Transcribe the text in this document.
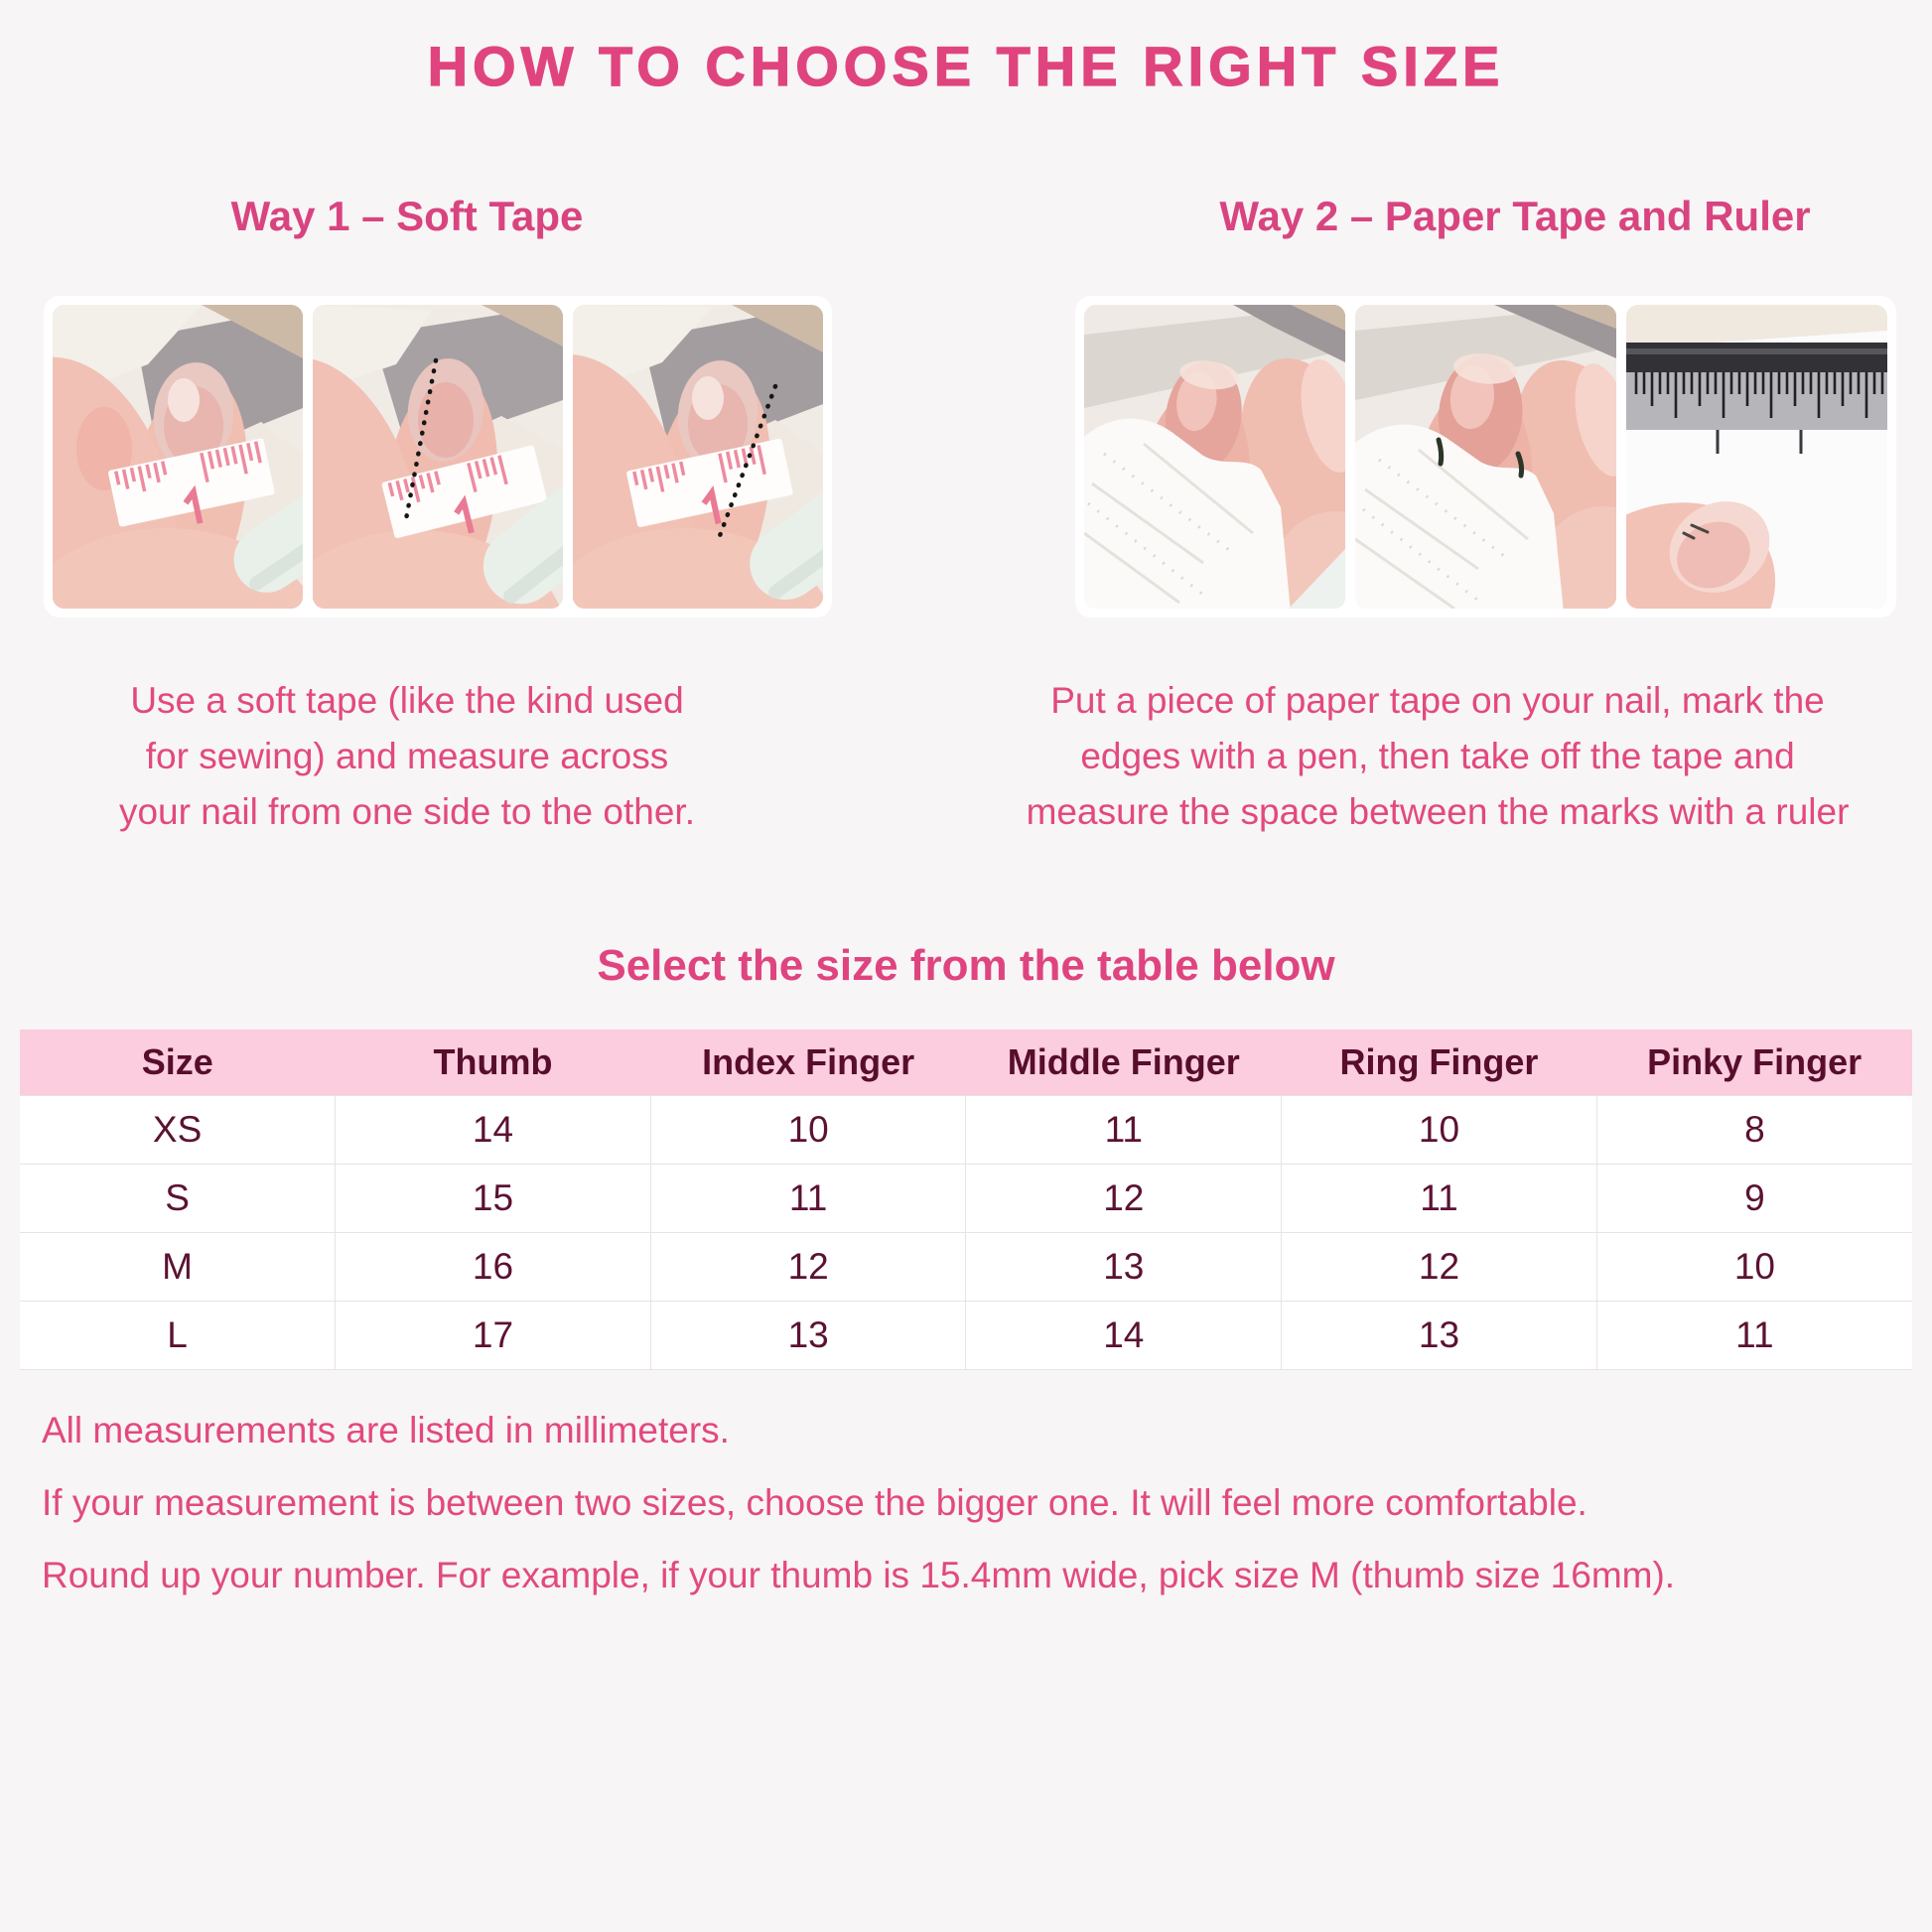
HOW TO CHOOSE THE RIGHT SIZE
Way 1 – Soft Tape	Way 2 – Paper Tape and Ruler
Use a soft tape (like the kind used
for sewing) and measure across
your nail from one side to the other.
Put a piece of paper tape on your nail, mark the
edges with a pen, then take off the tape and
measure the space between the marks with a ruler
Select the size from the table below
Size	Thumb	Index Finger	Middle Finger	Ring Finger	Pinky Finger
XS	14	10	11	10	8
S	15	11	12	11	9
M	16	12	13	12	10
L	17	13	14	13	11
All measurements are listed in millimeters.
If your measurement is between two sizes, choose the bigger one. It will feel more comfortable.
Round up your number. For example, if your thumb is 15.4mm wide, pick size M (thumb size 16mm).
